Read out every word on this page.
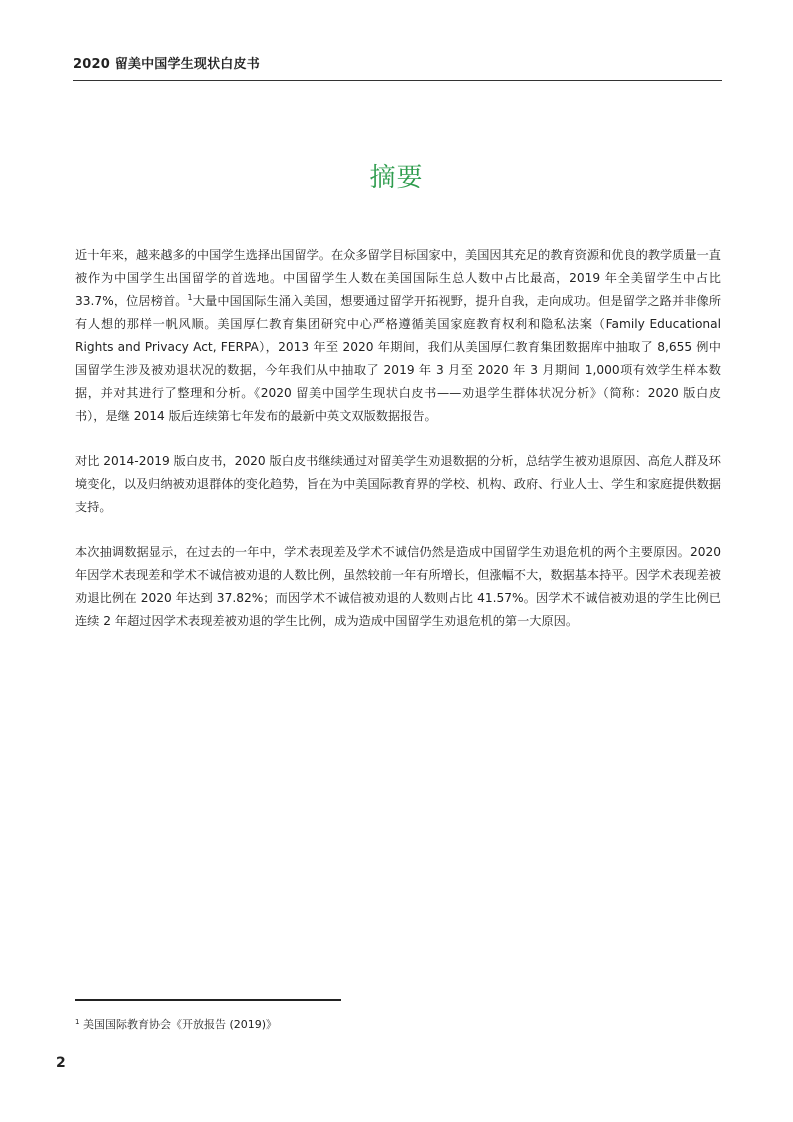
2020 留美中国学生现状白皮书
摘要

近十年来，越来越多的中国学生选择出国留学。在众多留学目标国家中，美国因其充足的教育资源和优良的教学质量一直被作为中国学生出国留学的首选地。中国留学生人数在美国国际生总人数中占比最高，2019 年全美留学生中占比 33.7%，位居榜首。$^1$大量中国国际生涌入美国，想要通过留学开拓视野，提升自我，走向成功。但是留学之路并非像所有人想的那样一帆风顺。美国厚仁教育集团研究中心严格遵循美国家庭教育权利和隐私法案（Family Educational Rights and Privacy Act, FERPA），2013 年至 2020 年期间，我们从美国厚仁教育集团数据库中抽取了 8,655 例中国留学生涉及被劝退状况的数据，今年我们从中抽取了 2019 年 3 月至 2020 年 3 月期间 1,000项有效学生样本数据，并对其进行了整理和分析。《2020 留美中国学生现状白皮书——劝退学生群体状况分析》（简称：2020 版白皮书），是继 2014 版后连续第七年发布的最新中英文双版数据报告。

对比 2014-2019 版白皮书，2020 版白皮书继续通过对留美学生劝退数据的分析，总结学生被劝退原因、高危人群及环境变化，以及归纳被劝退群体的变化趋势，旨在为中美国际教育界的学校、机构、政府、行业人士、学生和家庭提供数据支持。

本次抽调数据显示，在过去的一年中，学术表现差及学术不诚信仍然是造成中国留学生劝退危机的两个主要原因。2020 年因学术表现差和学术不诚信被劝退的人数比例，虽然较前一年有所增长，但涨幅不大，数据基本持平。因学术表现差被劝退比例在 2020 年达到 37.82%；而因学术不诚信被劝退的人数则占比 41.57%。因学术不诚信被劝退的学生比例已连续 2 年超过因学术表现差被劝退的学生比例，成为造成中国留学生劝退危机的第一大原因。

$^1$ 美国国际教育协会《开放报告 (2019)》
2
